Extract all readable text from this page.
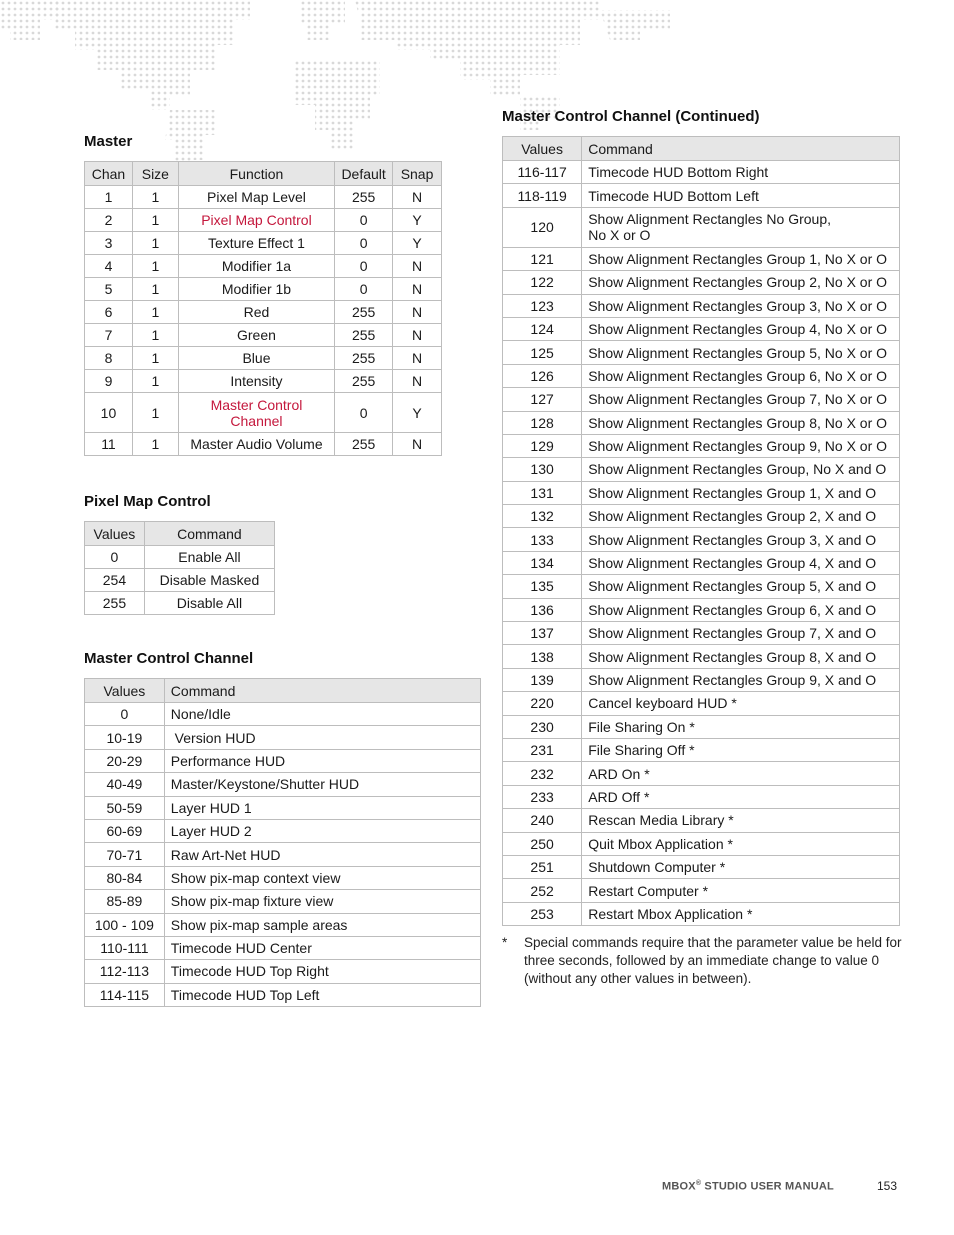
Master
Chan	Size	Function	Default	Snap
1	1	Pixel Map Level	255	N
2	1	Pixel Map Control	0	Y
3	1	Texture Effect 1	0	Y
4	1	Modifier 1a	0	N
5	1	Modifier 1b	0	N
6	1	Red	255	N
7	1	Green	255	N
8	1	Blue	255	N
9	1	Intensity	255	N
10	1	Master Control Channel	0	Y
11	1	Master Audio Volume	255	N
Pixel Map Control
Values	Command
0	Enable All
254	Disable Masked
255	Disable All
Master Control Channel
Values	Command
0	None/Idle
10-19	Version HUD
20-29	Performance HUD
40-49	Master/Keystone/Shutter HUD
50-59	Layer HUD 1
60-69	Layer HUD 2
70-71	Raw Art-Net HUD
80-84	Show pix-map context view
85-89	Show pix-map fixture view
100 - 109	Show pix-map sample areas
110-111	Timecode HUD Center
112-113	Timecode HUD Top Right
114-115	Timecode HUD Top Left
Master Control Channel (Continued)
Values	Command
116-117	Timecode HUD Bottom Right
118-119	Timecode HUD Bottom Left
120	Show Alignment Rectangles No Group,
No X or O
121	Show Alignment Rectangles Group 1, No X or O
122	Show Alignment Rectangles Group 2, No X or O
123	Show Alignment Rectangles Group 3, No X or O
124	Show Alignment Rectangles Group 4, No X or O
125	Show Alignment Rectangles Group 5, No X or O
126	Show Alignment Rectangles Group 6, No X or O
127	Show Alignment Rectangles Group 7, No X or O
128	Show Alignment Rectangles Group 8, No X or O
129	Show Alignment Rectangles Group 9, No X or O
130	Show Alignment Rectangles Group, No X and O
131	Show Alignment Rectangles Group 1, X and O
132	Show Alignment Rectangles Group 2, X and O
133	Show Alignment Rectangles Group 3, X and O
134	Show Alignment Rectangles Group 4, X and O
135	Show Alignment Rectangles Group 5, X and O
136	Show Alignment Rectangles Group 6, X and O
137	Show Alignment Rectangles Group 7, X and O
138	Show Alignment Rectangles Group 8, X and O
139	Show Alignment Rectangles Group 9, X and O
220	Cancel keyboard HUD *
230	File Sharing On *
231	File Sharing Off *
232	ARD On *
233	ARD Off *
240	Rescan Media Library *
250	Quit Mbox Application *
251	Shutdown Computer *
252	Restart Computer *
253	Restart Mbox Application *
*	Special commands require that the parameter value be held for three seconds, followed by an immediate change to value 0 (without any other values in between).
MBOX® STUDIO USER MANUAL	153
